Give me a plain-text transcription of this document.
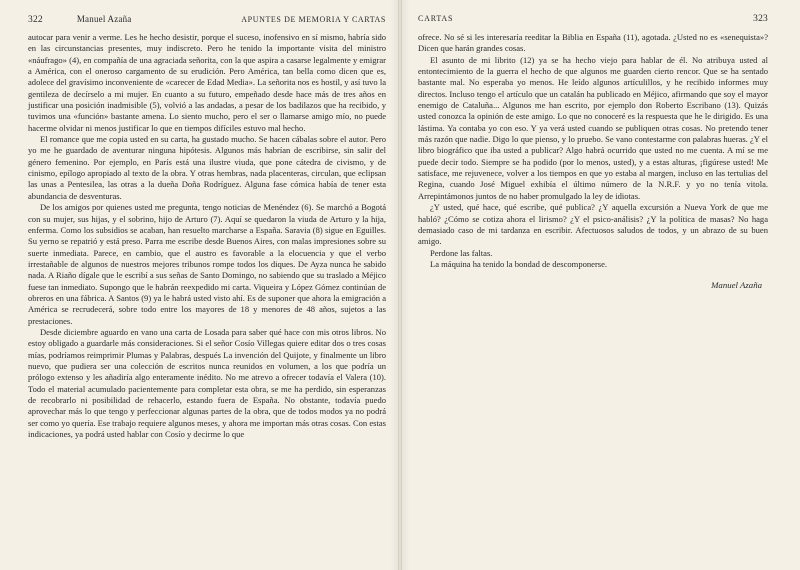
322	Manuel Azaña	APUNTES DE MEMORIA Y CARTAS

autocar para venir a verme. Les he hecho desistir, porque el suceso, inofensivo en sí mismo, habría sido en las circunstancias presentes, muy indiscreto. Pero he tenido la importante visita del ministro «náufrago» (4), en compañía de una agraciada señorita, con la que aspira a casarse legalmente y emigrar a América, con el oneroso cargamento de su erudición. Pero América, tan bella como dicen que es, adolece del gravísimo inconveniente de «carecer de Edad Media». La señorita nos es hostil, y así tuvo la gentileza de decírselo a mi mujer. En cuanto a su futuro, empeñado desde hace más de tres años en justificar una posición inadmisible (5), volvió a las andadas, a pesar de los badilazos que ha recibido, y tuvimos una «función» bastante amena. Lo siento mucho, pero el ser o llamarse amigo mío, no puede hacerme olvidar ni menos justificar lo que en tiempos difíciles estuvo mal hecho.

El romance que me copia usted en su carta, ha gustado mucho. Se hacen cábalas sobre el autor. Pero yo me he guardado de aventurar ninguna hipótesis. Algunos más habrían de escribirse, sin salir del género femenino. Por ejemplo, en París está una ilustre viuda, que pone cátedra de civismo, y de cinismo, epílogo apropiado al texto de la obra. Y otras hembras, nada placenteras, circulan, que eclipsan las unas a Pentesilea, las otras a la dueña Doña Rodríguez. Alguna fase cómica había de tener esta abundancia de desventuras.

De los amigos por quienes usted me pregunta, tengo noticias de Menéndez (6). Se marchó a Bogotá con su mujer, sus hijas, y el sobrino, hijo de Arturo (7). Aquí se quedaron la viuda de Arturo y la hija, enferma. Como los subsidios se acaban, han resuelto marcharse a España. Saravia (8) sigue en Eguilles. Su yerno se repatrió y está preso. Parra me escribe desde Buenos Aires, con malas impresiones sobre su suerte inmediata. Parece, en cambio, que el austro es favorable a la elocuencia y que el verbo irrestañable de algunos de nuestros mejores tribunos rompe todos los diques. De Ayza nunca he sabido nada. A Riaño dígale que le escribí a sus señas de Santo Domingo, no sabiendo que su traslado a Méjico fuese tan inmediato. Supongo que le habrán reexpedido mi carta. Viqueira y López Gómez continúan de obreros en una fábrica. A Santos (9) ya le habrá usted visto ahí. Es de suponer que ahora la emigración a América se recrudecerá, sobre todo entre los mayores de 18 y menores de 48 años, sujetos a las prestaciones.

Desde diciembre aguardo en vano una carta de Losada para saber qué hace con mis otros libros. No estoy obligado a guardarle más consideraciones. Si el señor Cosío Villegas quiere editar dos o tres cosas mías, podríamos reimprimir Plumas y Palabras, después La invención del Quijote, y finalmente un libro nuevo, que pudiera ser una colección de escritos nunca reunidos en volumen, a los que podría un prólogo extenso y les añadiría algo enteramente inédito. No me atrevo a ofrecer todavía el Valera (10). Todo el material acumulado pacientemente para completar esta obra, se me ha perdido, sin esperanzas de recobrarlo ni posibilidad de rehacerlo, estando fuera de España. No obstante, todavía puedo aprovechar más lo que tengo y perfeccionar algunas partes de la obra, que de todos modos ya no podrá ser como yo quería. Ese trabajo requiere algunos meses, y ahora me importan más otras cosas. Con estas indicaciones, ya podrá usted hablar con Cosío y decirme lo que

CARTAS	323

ofrece. No sé si les interesaría reeditar la Biblia en España (11), agotada. ¿Usted no es «senequista»? Dicen que harán grandes cosas.

El asunto de mi librito (12) ya se ha hecho viejo para hablar de él. No atribuya usted al entontecimiento de la guerra el hecho de que algunos me guarden cierto rencor. Que se ha sentado bastante mal. No esperaba yo menos. He leído algunos artículillos, y he recibido informes muy directos. Incluso tengo el artículo que un catalán ha publicado en Méjico, afirmando que soy el mayor enemigo de Cataluña... Algunos me han escrito, por ejemplo don Roberto Escribano (13). Quizás usted conozca la opinión de este amigo. Lo que no conoceré es la respuesta que he le dirigido. Es una lástima. Ya contaba yo con eso. Y ya verá usted cuando se publiquen otras cosas. No pretendo tener más razón que nadie. Digo lo que pienso, y lo pruebo. Se vano contestarme con palabras hueras. ¿Y el libro biográfico que iba usted a publicar? Algo habrá ocurrido que usted no me cuenta. A mí se me puede decir todo. Siempre se ha podido (por lo menos, usted), y a estas alturas, ¡figúrese usted! Me satisface, me rejuvenece, volver a los tiempos en que yo estaba al margen, incluso en las tertulias del Regina, cuando José Miguel exhibía el último número de la N.R.F. y yo no tenía vitola. Arrepintámonos juntos de no haber promulgado la ley de idiotas.

¿Y usted, qué hace, qué escribe, qué publica? ¿Y aquella excursión a Nueva York de que me habló? ¿Cómo se cotiza ahora el lirismo? ¿Y el psico-análisis? ¿Y la política de masas? No haga demasiado caso de mi tardanza en escribir. Afectuosos saludos de todos, y un abrazo de su buen amigo.

Perdone las faltas.

La máquina ha tenido la bondad de descomponerse.

Manuel Azaña
